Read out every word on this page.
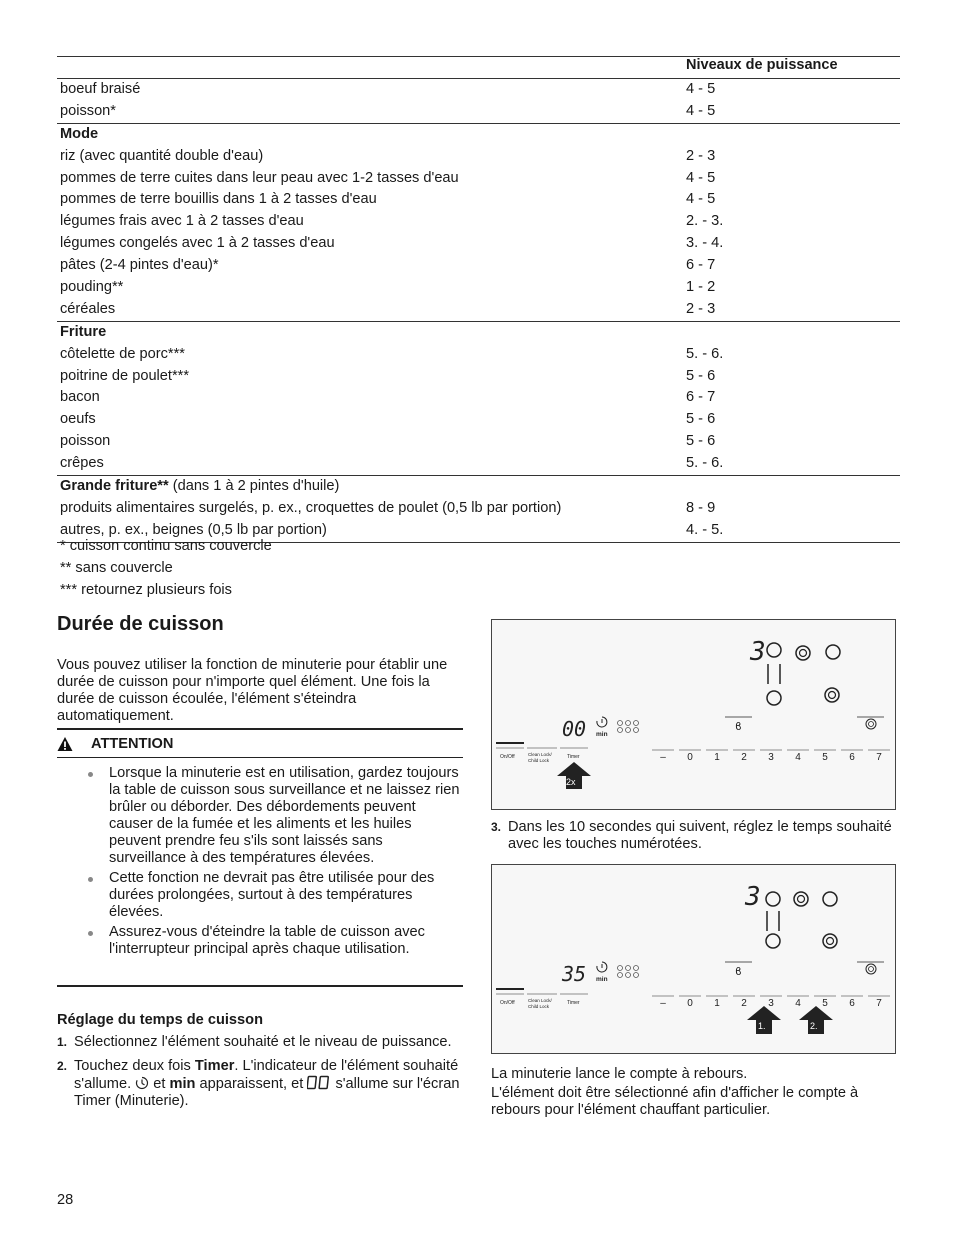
Niveaux de puissance
boeuf braisé	4 - 5
poisson*	4 - 5
Mode
riz (avec quantité double d'eau)	2 - 3
pommes de terre cuites dans leur peau avec 1-2 tasses d'eau	4 - 5
pommes de terre bouillis dans 1 à 2 tasses d'eau	4 - 5
légumes frais avec 1 à 2 tasses d'eau	2. - 3.
légumes congelés avec 1 à 2 tasses d'eau	3. - 4.
pâtes (2-4 pintes d'eau)*	6 - 7
pouding**	1 - 2
céréales	2 - 3
Friture
côtelette de porc***	5. - 6.
poitrine de poulet***	5 - 6
bacon	6 - 7
oeufs	5 - 6
poisson	5 - 6
crêpes	5. - 6.
Grande friture** (dans 1 à 2 pintes d'huile)
produits alimentaires surgelés, p. ex., croquettes de poulet (0,5 lb par portion)	8 - 9
autres, p. ex., beignes (0,5 lb par portion)	4. - 5.
* cuisson continu sans couvercle
** sans couvercle
*** retournez plusieurs fois
Durée de cuisson

Vous pouvez utiliser la fonction de minuterie pour établir une durée de cuisson pour n'importe quel élément. Une fois la durée de cuisson écoulée, l'élément s'éteindra automatiquement.

ATTENTION
Lorsque la minuterie est en utilisation, gardez toujours la table de cuisson sous surveillance et ne laissez rien brûler ou déborder. Des débordements peuvent causer de la fumée et les aliments et les huiles peuvent prendre feu s'ils sont laissés sans surveillance à des températures élevées.
Cette fonction ne devrait pas être utilisée pour des durées prolongées, surtout à des températures élevées.
Assurez-vous d'éteindre la table de cuisson avec l'interrupteur principal après chaque utilisation.
Réglage du temps de cuisson
1. Sélectionnez l'élément souhaité et le niveau de puissance.
2. Touchez deux fois Timer. L'indicateur de l'élément souhaité s'allume.  et min apparaissent, et  s'allume sur l'écran Timer (Minuterie).
3
00 min
ϐ
On/Off	Clean Lock/
Child Lock
Timer	– 0 1 2 3 4 5 6 7
2x
3. Dans les 10 secondes qui suivent, réglez le temps souhaité avec les touches numérotées.
3
35 min
ϐ
On/Off	Clean Lock/
Child Lock
Timer	– 0 1 2 3 4 5 6 7
1.	2.
La minuterie lance le compte à rebours.
L'élément doit être sélectionné afin d'afficher le compte à rebours pour l'élément chauffant particulier.
28
